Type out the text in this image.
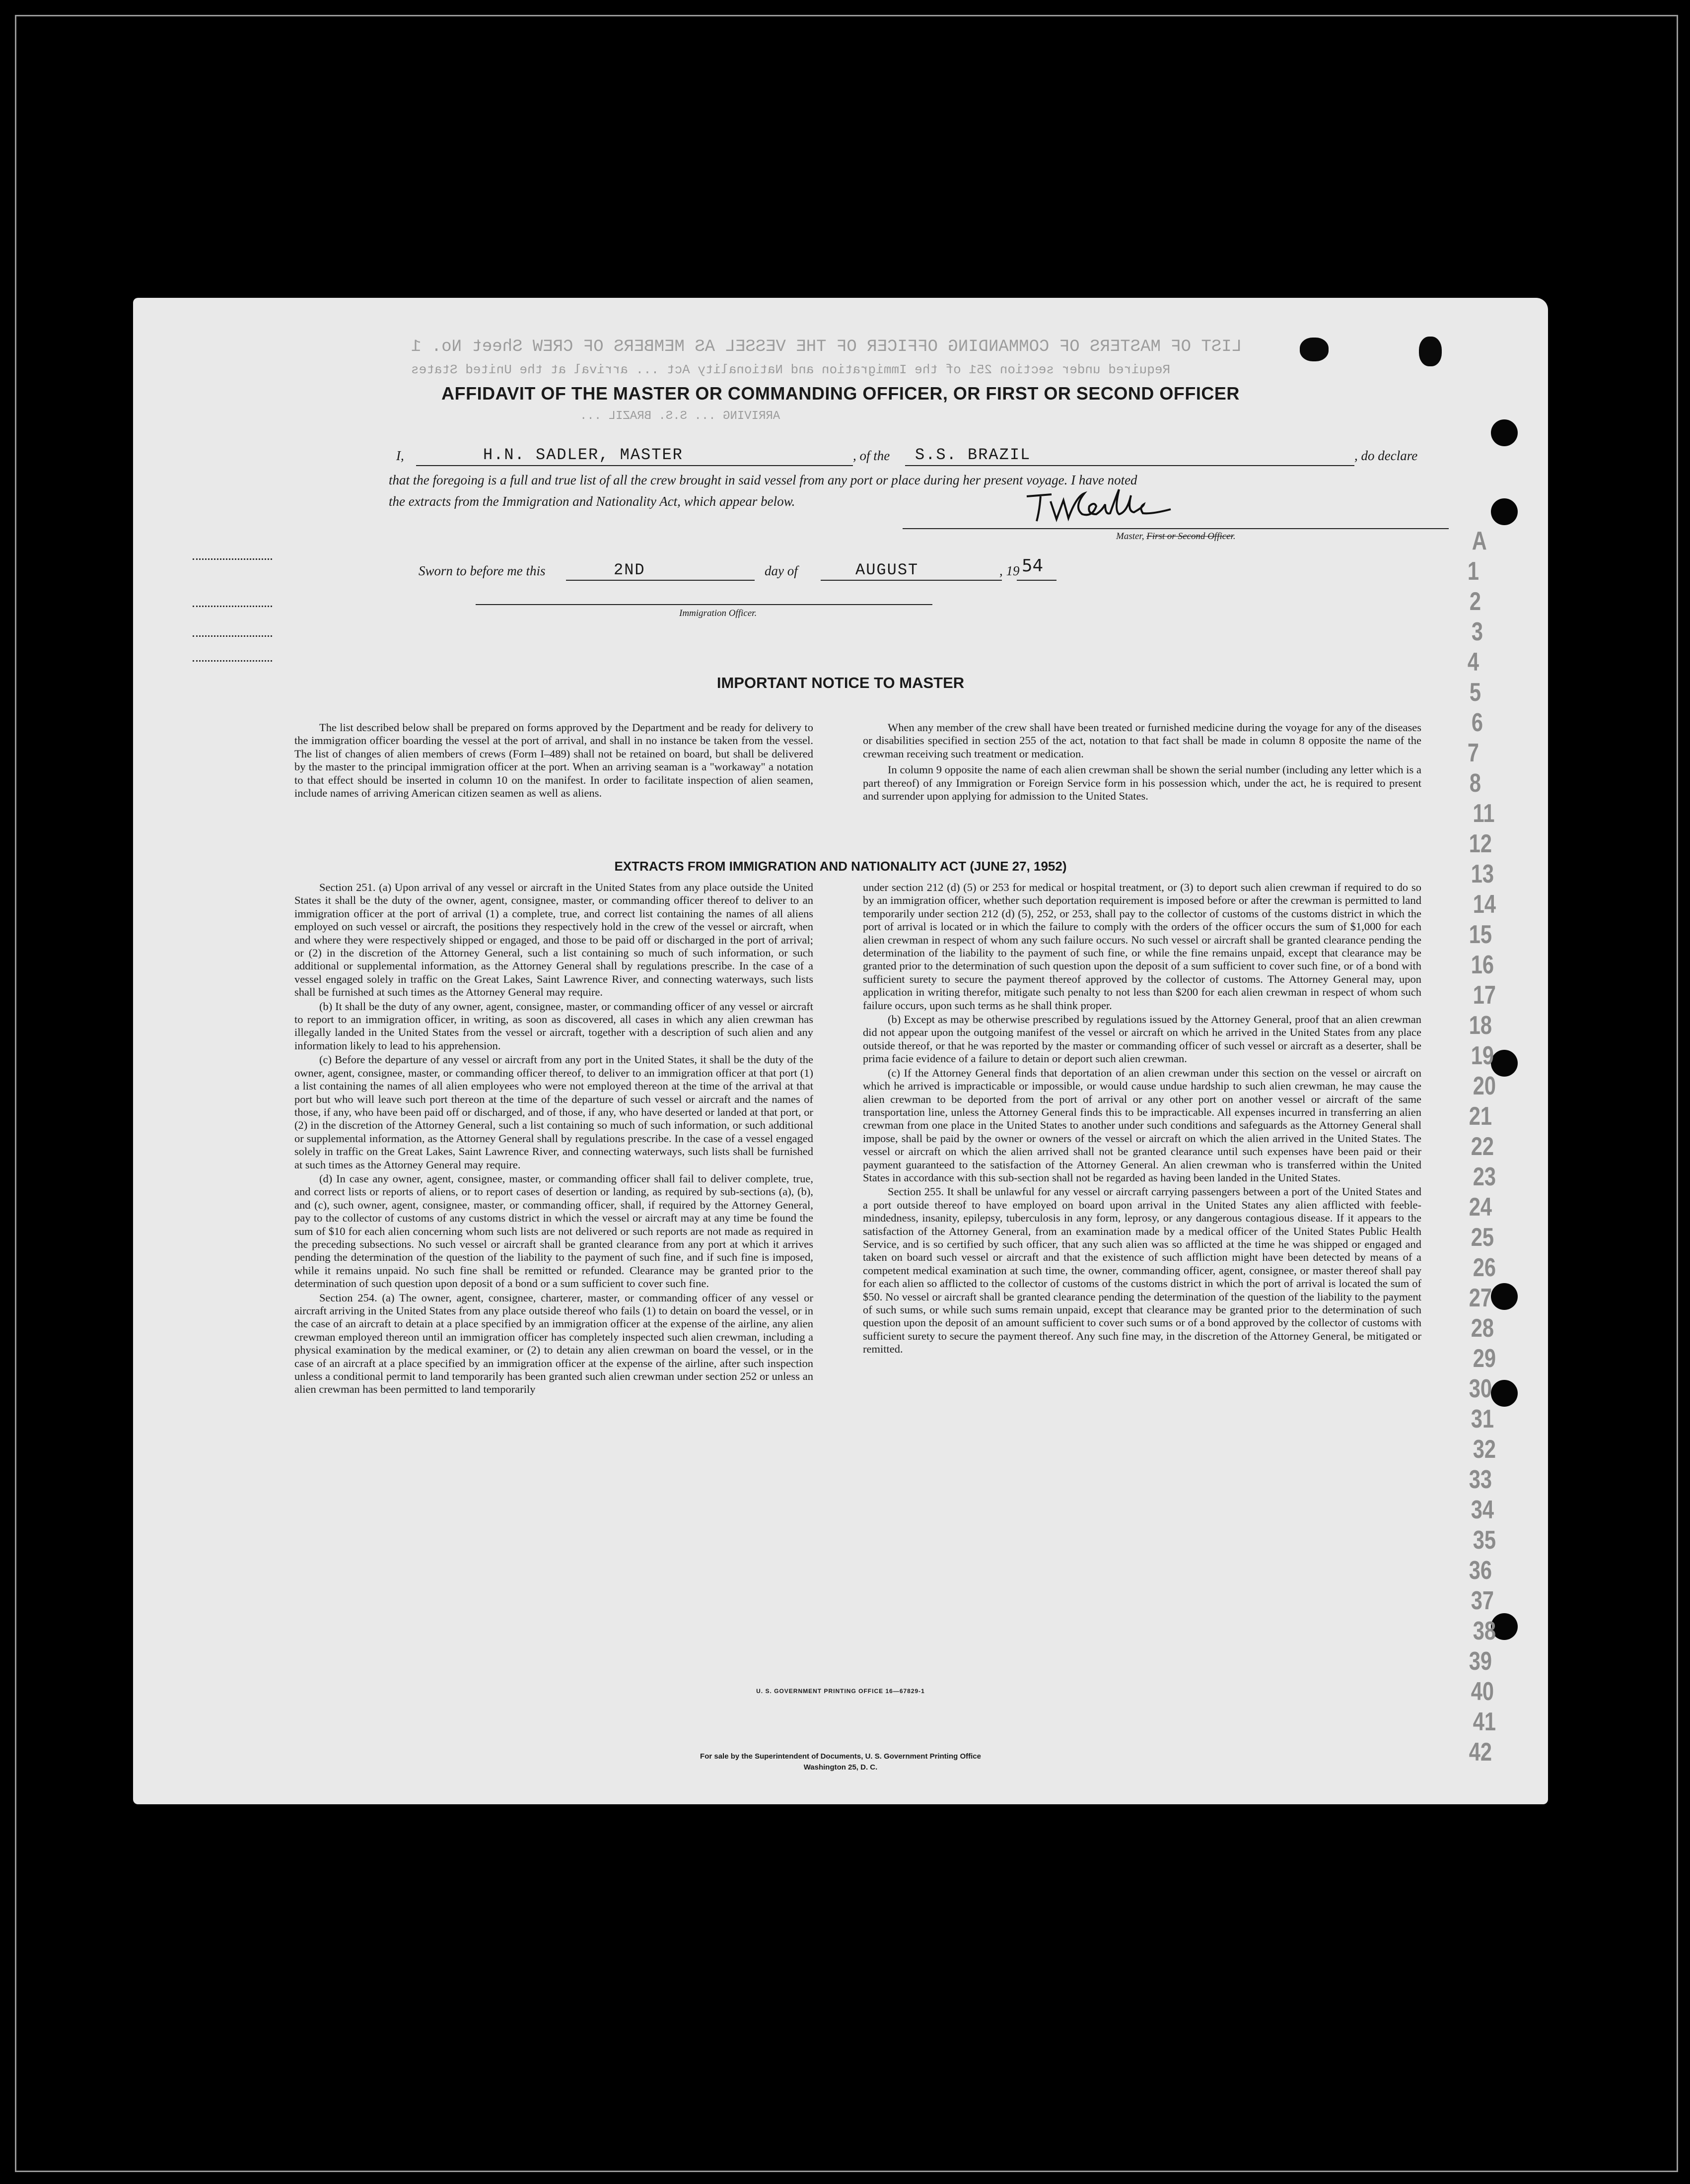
LIST OF MASTERS OF COMMANDING OFFICER OF THE VESSEL AS MEMBERS OF CREW Sheet No. 1
Required under section 251 of the Immigration and Nationality Act ... arrival at the United States
ARRIVING ... S.S. BRAZIL ...
A
1
2
3
4
5
6
7
8
11
12
13
14
15
16
17
18
19
20
21
22
23
24
25
26
27
28
29
30
31
32
33
34
35
36
37
38
39
40
41
42
AFFIDAVIT OF THE MASTER OR COMMANDING OFFICER, OR FIRST OR SECOND OFFICER
I,	H.N. SADLER, MASTER	, of the S.S. BRAZIL	, do declare
that the foregoing is a full and true list of all the crew brought in said vessel from any port or place during her present voyage. I have noted
the extracts from the Immigration and Nationality Act, which appear below.
Master, First or Second Officer.
Sworn to before me this	2ND	day of	AUGUST	, 19 54
Immigration Officer.
IMPORTANT NOTICE TO MASTER

The list described below shall be prepared on forms approved by the Department and be ready for delivery to the immigration officer boarding the vessel at the port of arrival, and shall in no instance be taken from the vessel. The list of changes of alien members of crews (Form I–489) shall not be retained on board, but shall be delivered by the master to the principal immigration officer at the port. When an arriving seaman is a "workaway" a notation to that effect should be inserted in column 10 on the manifest. In order to facilitate inspection of alien seamen, include names of arriving American citizen seamen as well as aliens.

When any member of the crew shall have been treated or furnished medicine during the voyage for any of the diseases or disabilities specified in section 255 of the act, notation to that fact shall be made in column 8 opposite the name of the crewman receiving such treatment or medication.

In column 9 opposite the name of each alien crewman shall be shown the serial number (including any letter which is a part thereof) of any Immigration or Foreign Service form in his possession which, under the act, he is required to present and surrender upon applying for admission to the United States.

EXTRACTS FROM IMMIGRATION AND NATIONALITY ACT (JUNE 27, 1952)

Section 251. (a) Upon arrival of any vessel or aircraft in the United States from any place outside the United States it shall be the duty of the owner, agent, consignee, master, or commanding officer thereof to deliver to an immigration officer at the port of arrival (1) a complete, true, and correct list containing the names of all aliens employed on such vessel or aircraft, the positions they respectively hold in the crew of the vessel or aircraft, when and where they were respectively shipped or engaged, and those to be paid off or discharged in the port of arrival; or (2) in the discretion of the Attorney General, such a list containing so much of such information, or such additional or supplemental information, as the Attorney General shall by regulations prescribe. In the case of a vessel engaged solely in traffic on the Great Lakes, Saint Lawrence River, and connecting waterways, such lists shall be furnished at such times as the Attorney General may require.

(b) It shall be the duty of any owner, agent, consignee, master, or commanding officer of any vessel or aircraft to report to an immigration officer, in writing, as soon as discovered, all cases in which any alien crewman has illegally landed in the United States from the vessel or aircraft, together with a description of such alien and any information likely to lead to his apprehension.

(c) Before the departure of any vessel or aircraft from any port in the United States, it shall be the duty of the owner, agent, consignee, master, or commanding officer thereof, to deliver to an immigration officer at that port (1) a list containing the names of all alien employees who were not employed thereon at the time of the arrival at that port but who will leave such port thereon at the time of the departure of such vessel or aircraft and the names of those, if any, who have been paid off or discharged, and of those, if any, who have deserted or landed at that port, or (2) in the discretion of the Attorney General, such a list containing so much of such information, or such additional or supplemental information, as the Attorney General shall by regulations prescribe. In the case of a vessel engaged solely in traffic on the Great Lakes, Saint Lawrence River, and connecting waterways, such lists shall be furnished at such times as the Attorney General may require.

(d) In case any owner, agent, consignee, master, or commanding officer shall fail to deliver complete, true, and correct lists or reports of aliens, or to report cases of desertion or landing, as required by sub-sections (a), (b), and (c), such owner, agent, consignee, master, or commanding officer, shall, if required by the Attorney General, pay to the collector of customs of any customs district in which the vessel or aircraft may at any time be found the sum of $10 for each alien concerning whom such lists are not delivered or such reports are not made as required in the preceding subsections. No such vessel or aircraft shall be granted clearance from any port at which it arrives pending the determination of the question of the liability to the payment of such fine, and if such fine is imposed, while it remains unpaid. No such fine shall be remitted or refunded. Clearance may be granted prior to the determination of such question upon deposit of a bond or a sum sufficient to cover such fine.

Section 254. (a) The owner, agent, consignee, charterer, master, or commanding officer of any vessel or aircraft arriving in the United States from any place outside thereof who fails (1) to detain on board the vessel, or in the case of an aircraft to detain at a place specified by an immigration officer at the expense of the airline, any alien crewman employed thereon until an immigration officer has completely inspected such alien crewman, including a physical examination by the medical examiner, or (2) to detain any alien crewman on board the vessel, or in the case of an aircraft at a place specified by an immigration officer at the expense of the airline, after such inspection unless a conditional permit to land temporarily has been granted such alien crewman under section 252 or unless an alien crewman has been permitted to land temporarily

under section 212 (d) (5) or 253 for medical or hospital treatment, or (3) to deport such alien crewman if required to do so by an immigration officer, whether such deportation requirement is imposed before or after the crewman is permitted to land temporarily under section 212 (d) (5), 252, or 253, shall pay to the collector of customs of the customs district in which the port of arrival is located or in which the failure to comply with the orders of the officer occurs the sum of $1,000 for each alien crewman in respect of whom any such failure occurs. No such vessel or aircraft shall be granted clearance pending the determination of the liability to the payment of such fine, or while the fine remains unpaid, except that clearance may be granted prior to the determination of such question upon the deposit of a sum sufficient to cover such fine, or of a bond with sufficient surety to secure the payment thereof approved by the collector of customs. The Attorney General may, upon application in writing therefor, mitigate such penalty to not less than $200 for each alien crewman in respect of whom such failure occurs, upon such terms as he shall think proper.

(b) Except as may be otherwise prescribed by regulations issued by the Attorney General, proof that an alien crewman did not appear upon the outgoing manifest of the vessel or aircraft on which he arrived in the United States from any place outside thereof, or that he was reported by the master or commanding officer of such vessel or aircraft as a deserter, shall be prima facie evidence of a failure to detain or deport such alien crewman.

(c) If the Attorney General finds that deportation of an alien crewman under this section on the vessel or aircraft on which he arrived is impracticable or impossible, or would cause undue hardship to such alien crewman, he may cause the alien crewman to be deported from the port of arrival or any other port on another vessel or aircraft of the same transportation line, unless the Attorney General finds this to be impracticable. All expenses incurred in transferring an alien crewman from one place in the United States to another under such conditions and safeguards as the Attorney General shall impose, shall be paid by the owner or owners of the vessel or aircraft on which the alien arrived in the United States. The vessel or aircraft on which the alien arrived shall not be granted clearance until such expenses have been paid or their payment guaranteed to the satisfaction of the Attorney General. An alien crewman who is transferred within the United States in accordance with this sub-section shall not be regarded as having been landed in the United States.

Section 255. It shall be unlawful for any vessel or aircraft carrying passengers between a port of the United States and a port outside thereof to have employed on board upon arrival in the United States any alien afflicted with feeble-mindedness, insanity, epilepsy, tuberculosis in any form, leprosy, or any dangerous contagious disease. If it appears to the satisfaction of the Attorney General, from an examination made by a medical officer of the United States Public Health Service, and is so certified by such officer, that any such alien was so afflicted at the time he was shipped or engaged and taken on board such vessel or aircraft and that the existence of such affliction might have been detected by means of a competent medical examination at such time, the owner, commanding officer, agent, consignee, or master thereof shall pay for each alien so afflicted to the collector of customs of the customs district in which the port of arrival is located the sum of $50. No vessel or aircraft shall be granted clearance pending the determination of the question of the liability to the payment of such sums, or while such sums remain unpaid, except that clearance may be granted prior to the determination of such question upon the deposit of an amount sufficient to cover such sums or of a bond approved by the collector of customs with sufficient surety to secure the payment thereof. Any such fine may, in the discretion of the Attorney General, be mitigated or remitted.

U. S. GOVERNMENT PRINTING OFFICE 16—67829-1
For sale by the Superintendent of Documents, U. S. Government Printing Office
Washington 25, D. C.
